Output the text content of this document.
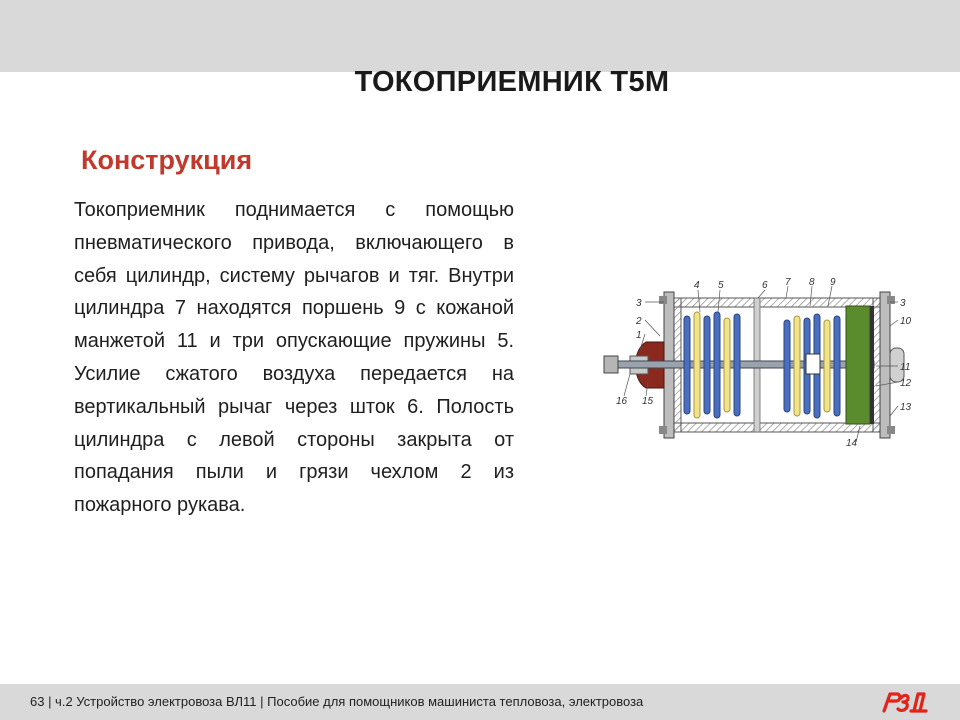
ТОКОПРИЕМНИК Т5М
Конструкция

Токоприемник поднимается с помощью пневматического привода, включающего в себя цилиндр, систему рычагов и тяг. Внутри цилиндра 7 находятся поршень 9 с кожаной манжетой 11 и три опускающие пружины 5. Усилие сжатого воздуха передается на вертикальный рычаг через шток 6. Полость цилиндра с левой стороны закрыта от попадания пыли и грязи чехлом 2 из пожарного рукава.

3
2
1
4 5	6 7 8 9
3
10
11
12
13
14
16 15
63 | ч.2 Устройство электровоза ВЛ11 | Пособие для помощников машиниста тепловоза, электровоза
